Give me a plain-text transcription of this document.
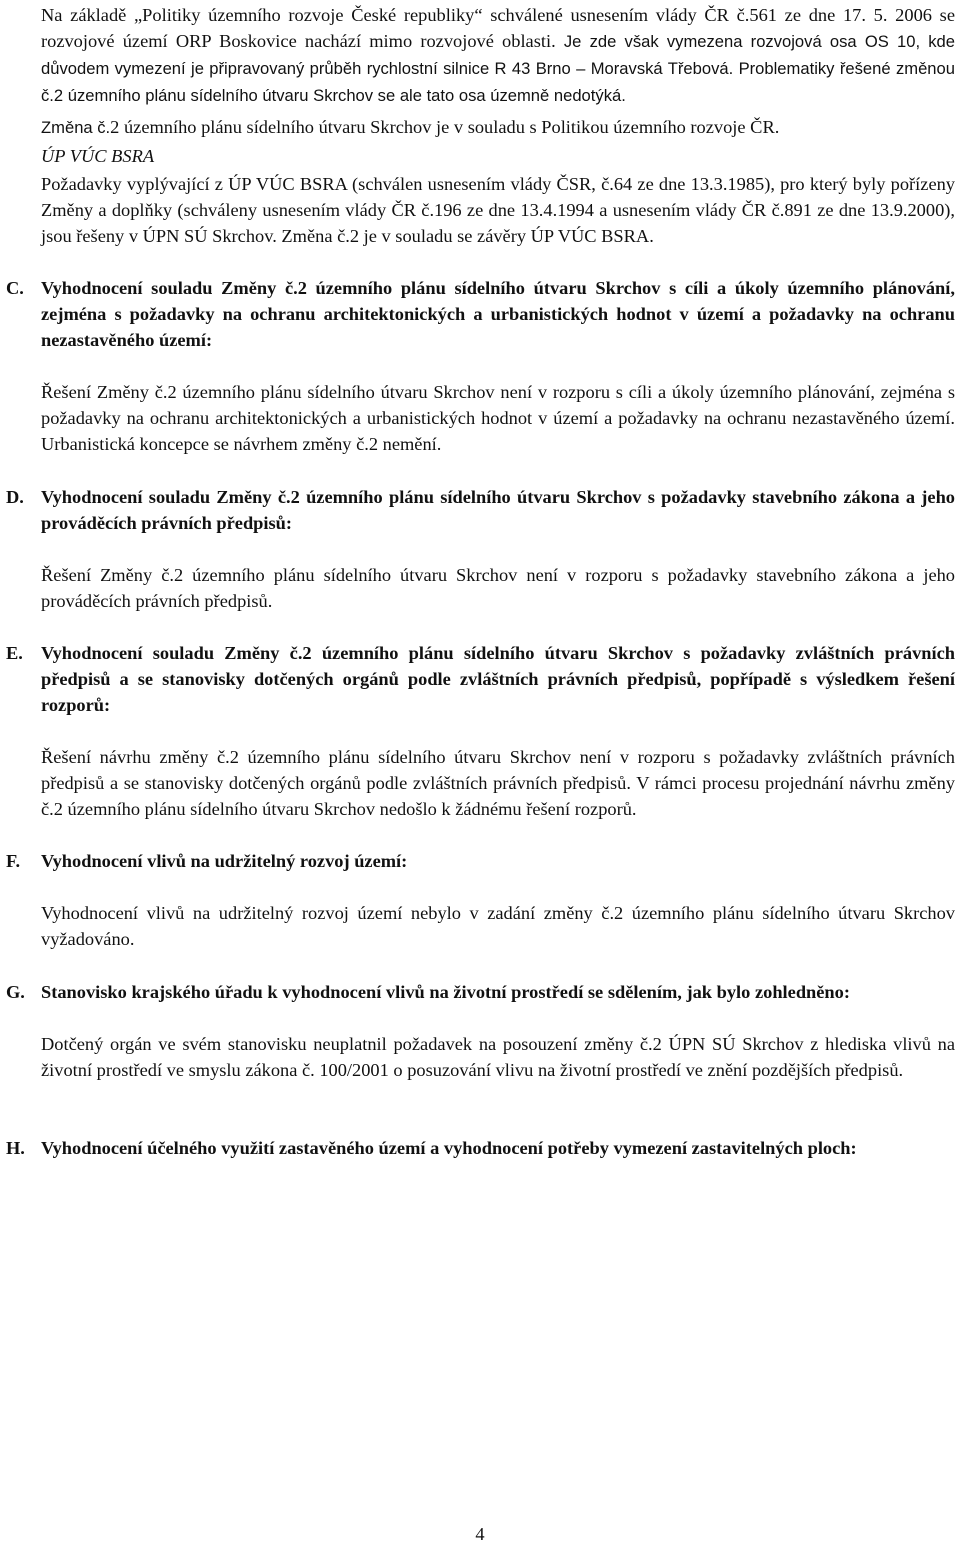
Na základě „Politiky územního rozvoje České republiky“ schválené usnesením vlády ČR č.561 ze dne 17. 5. 2006 se rozvojové území ORP Boskovice nachází mimo rozvojové oblasti. Je zde však vymezena rozvojová osa OS 10, kde důvodem vymezení je připravovaný průběh rychlostní silnice R 43 Brno – Moravská Třebová. Problematiky řešené změnou č.2 územního plánu sídelního útvaru Skrchov se ale tato osa územně nedotýká.

Změna č.2 územního plánu sídelního útvaru Skrchov je v souladu s Politikou územního rozvoje ČR.

ÚP VÚC BSRA

Požadavky vyplývající z ÚP VÚC BSRA (schválen usnesením vlády ČSR, č.64 ze dne 13.3.1985), pro který byly pořízeny Změny a doplňky (schváleny usnesením vlády ČR č.196 ze dne 13.4.1994 a usnesením vlády ČR č.891 ze dne 13.9.2000), jsou řešeny v ÚPN SÚ Skrchov. Změna č.2 je v souladu se závěry ÚP VÚC BSRA.

C. Vyhodnocení souladu Změny č.2 územního plánu sídelního útvaru Skrchov s cíli a úkoly územního plánování, zejména s požadavky na ochranu architektonických a urbanistických hodnot v území a požadavky na ochranu nezastavěného území:

Řešení Změny č.2 územního plánu sídelního útvaru Skrchov není v rozporu s cíli a úkoly územního plánování, zejména s požadavky na ochranu architektonických a urbanistických hodnot v území a požadavky na ochranu nezastavěného území. Urbanistická koncepce se návrhem změny č.2 nemění.

D. Vyhodnocení souladu Změny č.2 územního plánu sídelního útvaru Skrchov s požadavky stavebního zákona a jeho prováděcích právních předpisů:

Řešení Změny č.2 územního plánu sídelního útvaru Skrchov není v rozporu s požadavky stavebního zákona a jeho prováděcích právních předpisů.

E. Vyhodnocení souladu Změny č.2 územního plánu sídelního útvaru Skrchov s požadavky zvláštních právních předpisů a se stanovisky dotčených orgánů podle zvláštních právních předpisů, popřípadě s výsledkem řešení rozporů:

Řešení návrhu změny č.2 územního plánu sídelního útvaru Skrchov není v rozporu s požadavky zvláštních právních předpisů a se stanovisky dotčených orgánů podle zvláštních právních předpisů. V rámci procesu projednání návrhu změny č.2 územního plánu sídelního útvaru Skrchov nedošlo k žádnému řešení rozporů.

F. Vyhodnocení vlivů na udržitelný rozvoj území:

Vyhodnocení vlivů na udržitelný rozvoj území nebylo v zadání změny č.2 územního plánu sídelního útvaru Skrchov vyžadováno.

G. Stanovisko krajského úřadu k vyhodnocení vlivů na životní prostředí se sdělením, jak bylo zohledněno:

Dotčený orgán ve svém stanovisku neuplatnil požadavek na posouzení změny č.2 ÚPN SÚ Skrchov z hlediska vlivů na životní prostředí ve smyslu zákona č. 100/2001 o posuzování vlivu na životní prostředí ve znění pozdějších předpisů.

H. Vyhodnocení účelného využití zastavěného území a vyhodnocení potřeby vymezení zastavitelných ploch:

4
